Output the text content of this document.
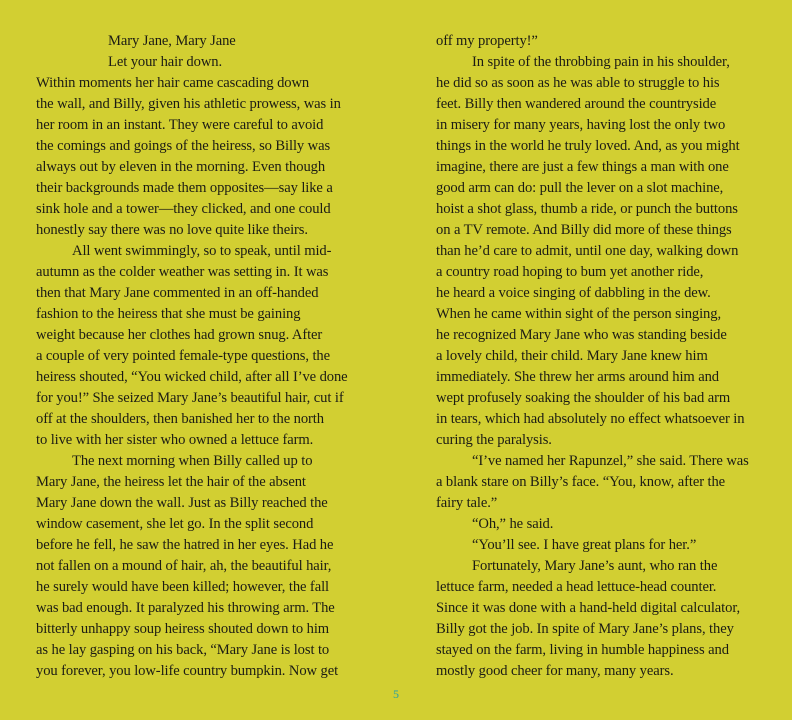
Mary Jane, Mary Jane
Let your hair down.
Within moments her hair came cascading down
the wall, and Billy, given his athletic prowess, was in
her room in an instant. They were careful to avoid
the comings and goings of the heiress, so Billy was
always out by eleven in the morning. Even though
their backgrounds made them opposites—say like a
sink hole and a tower—they clicked, and one could
honestly say there was no love quite like theirs.
All went swimmingly, so to speak, until mid-
autumn as the colder weather was setting in. It was
then that Mary Jane commented in an off-handed
fashion to the heiress that she must be gaining
weight because her clothes had grown snug. After
a couple of very pointed female-type questions, the
heiress shouted, “You wicked child, after all I’ve done
for you!” She seized Mary Jane’s beautiful hair, cut if
off at the shoulders, then banished her to the north
to live with her sister who owned a lettuce farm.
The next morning when Billy called up to
Mary Jane, the heiress let the hair of the absent
Mary Jane down the wall. Just as Billy reached the
window casement, she let go. In the split second
before he fell, he saw the hatred in her eyes. Had he
not fallen on a mound of hair, ah, the beautiful hair,
he surely would have been killed; however, the fall
was bad enough. It paralyzed his throwing arm. The
bitterly unhappy soup heiress shouted down to him
as he lay gasping on his back, “Mary Jane is lost to
you forever, you low-life country bumpkin. Now get
off my property!”
In spite of the throbbing pain in his shoulder,
he did so as soon as he was able to struggle to his
feet. Billy then wandered around the countryside
in misery for many years, having lost the only two
things in the world he truly loved. And, as you might
imagine, there are just a few things a man with one
good arm can do: pull the lever on a slot machine,
hoist a shot glass, thumb a ride, or punch the buttons
on a TV remote. And Billy did more of these things
than he’d care to admit, until one day, walking down
a country road hoping to bum yet another ride,
he heard a voice singing of dabbling in the dew.
When he came within sight of the person singing,
he recognized Mary Jane who was standing beside
a lovely child, their child. Mary Jane knew him
immediately. She threw her arms around him and
wept profusely soaking the shoulder of his bad arm
in tears, which had absolutely no effect whatsoever in
curing the paralysis.
“I’ve named her Rapunzel,” she said. There was
a blank stare on Billy’s face. “You, know, after the
fairy tale.”
“Oh,” he said.
“You’ll see. I have great plans for her.”
Fortunately, Mary Jane’s aunt, who ran the
lettuce farm, needed a head lettuce-head counter.
Since it was done with a hand-held digital calculator,
Billy got the job. In spite of Mary Jane’s plans, they
stayed on the farm, living in humble happiness and
mostly good cheer for many, many years.
5
